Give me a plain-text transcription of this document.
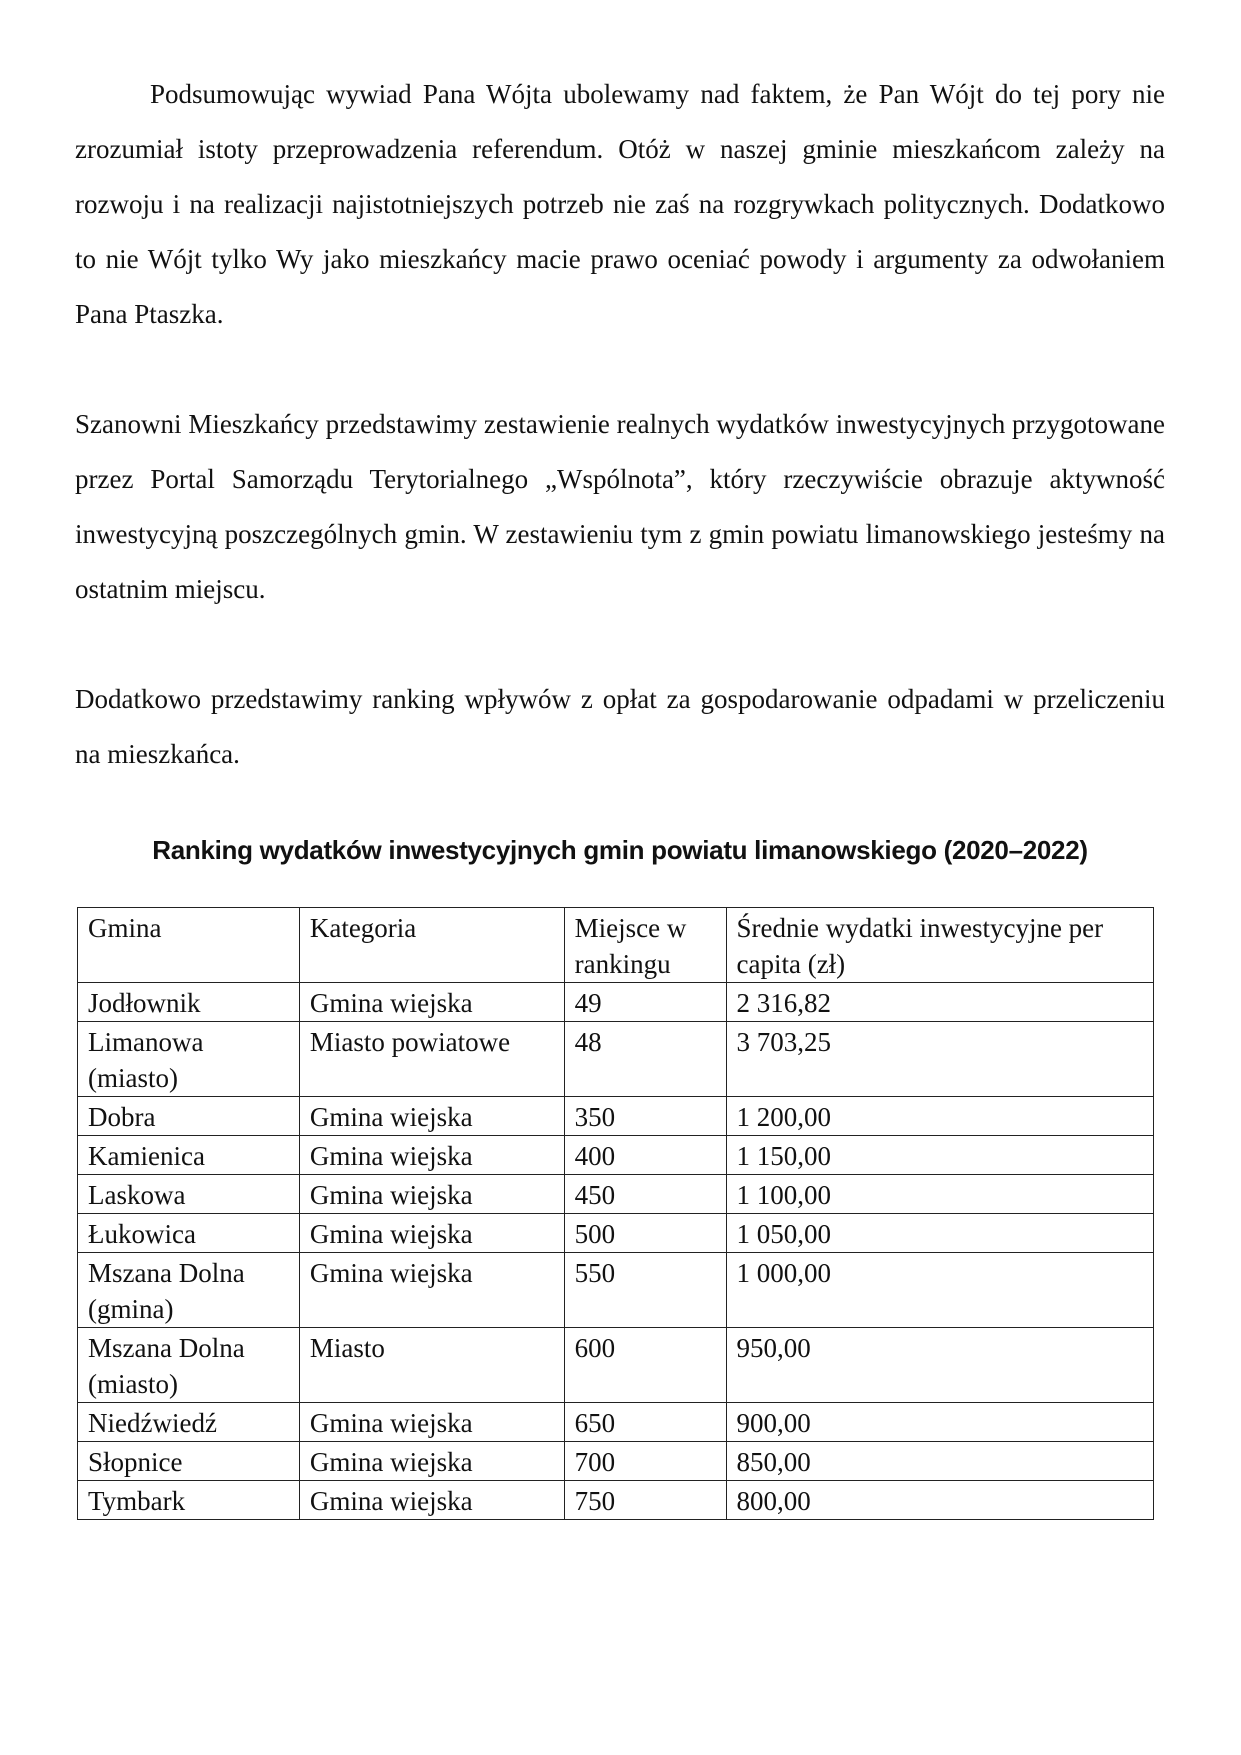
Podsumowując wywiad Pana Wójta ubolewamy nad faktem, że Pan Wójt do tej pory nie zrozumiał istoty przeprowadzenia referendum. Otóż w naszej gminie mieszkańcom zależy na rozwoju i na realizacji najistotniejszych potrzeb nie zaś na rozgrywkach politycznych. Dodatkowo to nie Wójt tylko Wy jako mieszkańcy macie prawo oceniać powody i argumenty za odwołaniem Pana Ptaszka.

Szanowni Mieszkańcy przedstawimy zestawienie realnych wydatków inwestycyjnych przygotowane przez Portal Samorządu Terytorialnego „Wspólnota”, który rzeczywiście obrazuje aktywność inwestycyjną poszczególnych gmin. W zestawieniu tym z gmin powiatu limanowskiego jesteśmy na ostatnim miejscu.

Dodatkowo przedstawimy ranking wpływów z opłat za gospodarowanie odpadami w przeliczeniu na mieszkańca.

Ranking wydatków inwestycyjnych gmin powiatu limanowskiego (2020–2022)
Gmina	Kategoria	Miejsce w rankingu	Średnie wydatki inwestycyjne per capita (zł)
Jodłownik	Gmina wiejska	49	2 316,82
Limanowa (miasto)	Miasto powiatowe	48	3 703,25
Dobra	Gmina wiejska	350	1 200,00
Kamienica	Gmina wiejska	400	1 150,00
Laskowa	Gmina wiejska	450	1 100,00
Łukowica	Gmina wiejska	500	1 050,00
Mszana Dolna (gmina)	Gmina wiejska	550	1 000,00
Mszana Dolna (miasto)	Miasto	600	950,00
Niedźwiedź	Gmina wiejska	650	900,00
Słopnice	Gmina wiejska	700	850,00
Tymbark	Gmina wiejska	750	800,00
